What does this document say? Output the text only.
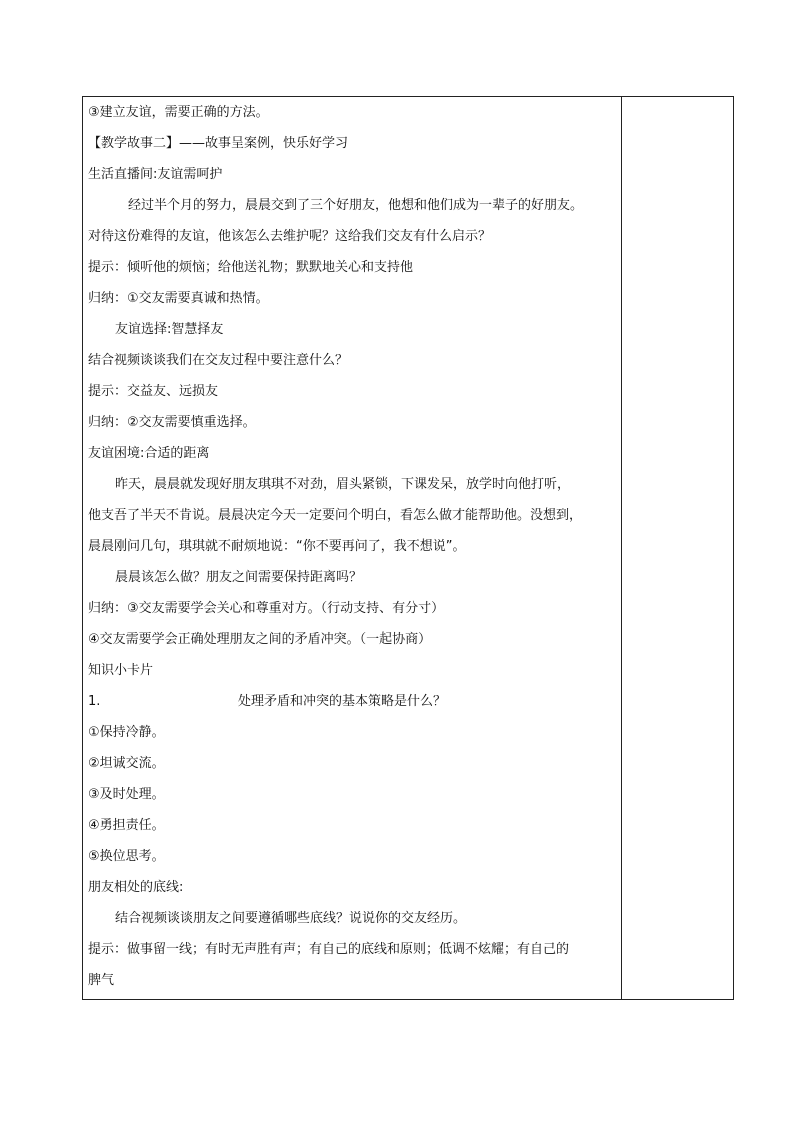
③建立友谊，需要正确的方法。
【教学故事二】——故事呈案例，快乐好学习
生活直播间:友谊需呵护
经过半个月的努力，晨晨交到了三个好朋友，他想和他们成为一辈子的好朋友。
对待这份难得的友谊，他该怎么去维护呢？这给我们交友有什么启示？
提示：倾听他的烦恼；给他送礼物；默默地关心和支持他
归纳：①交友需要真诚和热情。
友谊选择:智慧择友
结合视频谈谈我们在交友过程中要注意什么？
提示：交益友、远损友
归纳：②交友需要慎重选择。
友谊困境:合适的距离
昨天，晨晨就发现好朋友琪琪不对劲，眉头紧锁，下课发呆，放学时向他打听，
他支吾了半天不肯说。晨晨决定今天一定要问个明白，看怎么做才能帮助他。没想到，
晨晨刚问几句，琪琪就不耐烦地说：“你不要再问了，我不想说”。
晨晨该怎么做？朋友之间需要保持距离吗？
归纳：③交友需要学会关心和尊重对方。（行动支持、有分寸）
④交友需要学会正确处理朋友之间的矛盾冲突。（一起协商）
知识小卡片
1.	处理矛盾和冲突的基本策略是什么？
①保持冷静。
②坦诚交流。
③及时处理。
④勇担责任。
⑤换位思考。
朋友相处的底线:
结合视频谈谈朋友之间要遵循哪些底线？说说你的交友经历。
提示：做事留一线；有时无声胜有声；有自己的底线和原则；低调不炫耀；有自己的
脾气
